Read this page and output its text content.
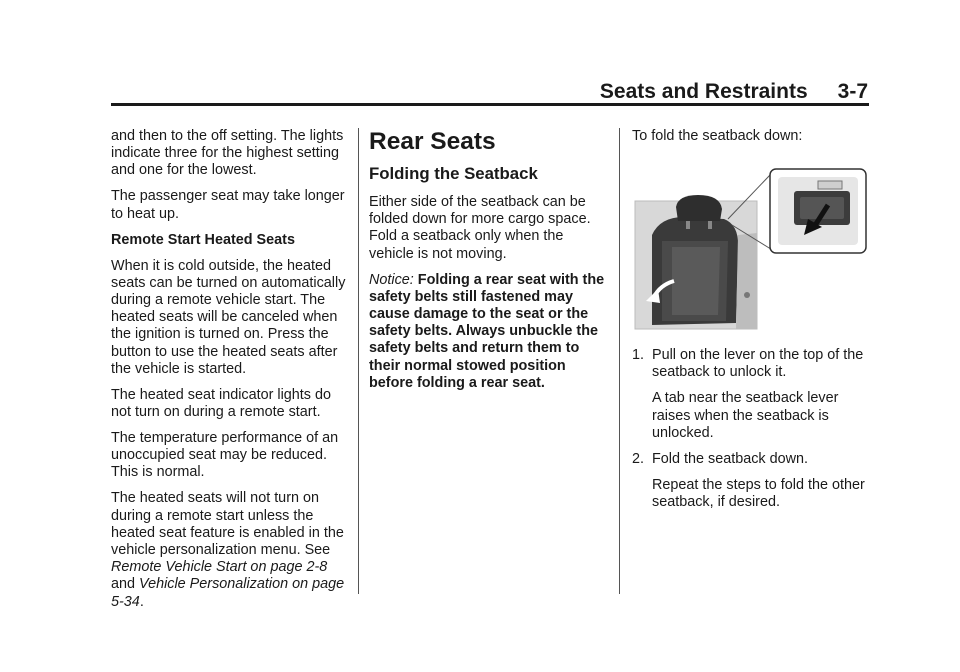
Seats and Restraints 3-7

and then to the off setting. The lights indicate three for the highest setting and one for the lowest.

The passenger seat may take longer to heat up.

Remote Start Heated Seats

When it is cold outside, the heated seats can be turned on automatically during a remote vehicle start. The heated seats will be canceled when the ignition is turned on. Press the button to use the heated seats after the vehicle is started.

The heated seat indicator lights do not turn on during a remote start.

The temperature performance of an unoccupied seat may be reduced. This is normal.

The heated seats will not turn on during a remote start unless the heated seat feature is enabled in the vehicle personalization menu. See Remote Vehicle Start on page 2-8 and Vehicle Personalization on page 5-34.

Rear Seats
Folding the Seatback

Either side of the seatback can be folded down for more cargo space. Fold a seatback only when the vehicle is not moving.

Notice: Folding a rear seat with the safety belts still fastened may cause damage to the seat or the safety belts. Always unbuckle the safety belts and return them to their normal stowed position before folding a rear seat.

To fold the seatback down:

1. Pull on the lever on the top of the seatback to unlock it.
A tab near the seatback lever raises when the seatback is unlocked.
2. Fold the seatback down.
Repeat the steps to fold the other seatback, if desired.
